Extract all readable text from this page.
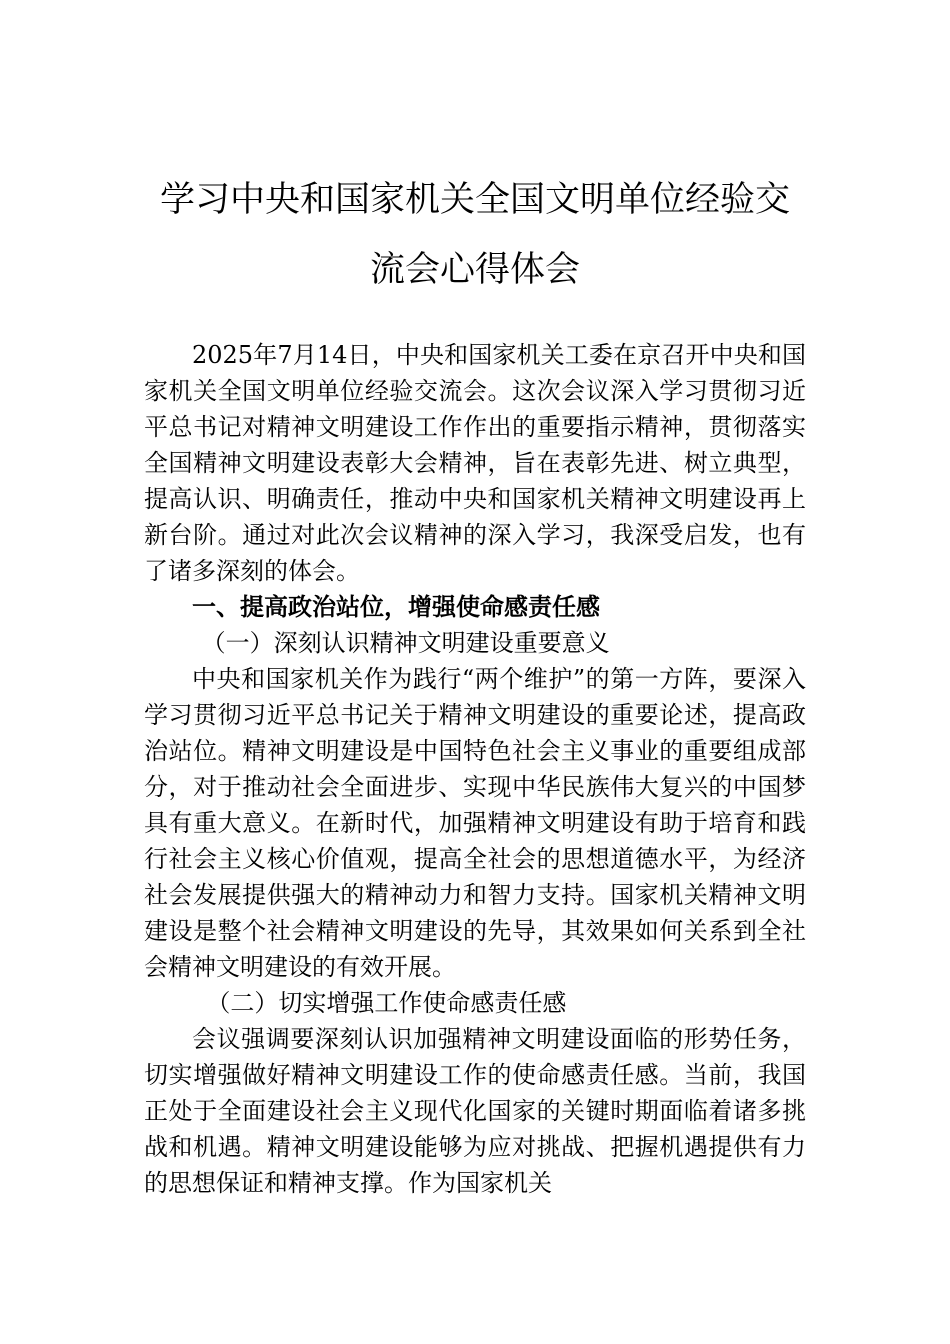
学习中央和国家机关全国文明单位经验交
流会心得体会

2025年7月14日，中央和国家机关工委在京召开中央和国家机关全国文明单位经验交流会。这次会议深入学习贯彻习近平总书记对精神文明建设工作作出的重要指示精神，贯彻落实全国精神文明建设表彰大会精神，旨在表彰先进、树立典型，提高认识、明确责任，推动中央和国家机关精神文明建设再上新台阶。通过对此次会议精神的深入学习，我深受启发，也有了诸多深刻的体会。

一、提高政治站位，增强使命感责任感

（一）深刻认识精神文明建设重要意义

中央和国家机关作为践行“两个维护”的第一方阵，要深入学习贯彻习近平总书记关于精神文明建设的重要论述，提高政治站位。精神文明建设是中国特色社会主义事业的重要组成部分，对于推动社会全面进步、实现中华民族伟大复兴的中国梦具有重大意义。在新时代，加强精神文明建设有助于培育和践行社会主义核心价值观，提高全社会的思想道德水平，为经济社会发展提供强大的精神动力和智力支持。国家机关精神文明建设是整个社会精神文明建设的先导，其效果如何关系到全社会精神文明建设的有效开展。

（二）切实增强工作使命感责任感

会议强调要深刻认识加强精神文明建设面临的形势任务，切实增强做好精神文明建设工作的使命感责任感。当前，我国正处于全面建设社会主义现代化国家的关键时期面临着诸多挑战和机遇。精神文明建设能够为应对挑战、把握机遇提供有力的思想保证和精神支撑。作为国家机关
